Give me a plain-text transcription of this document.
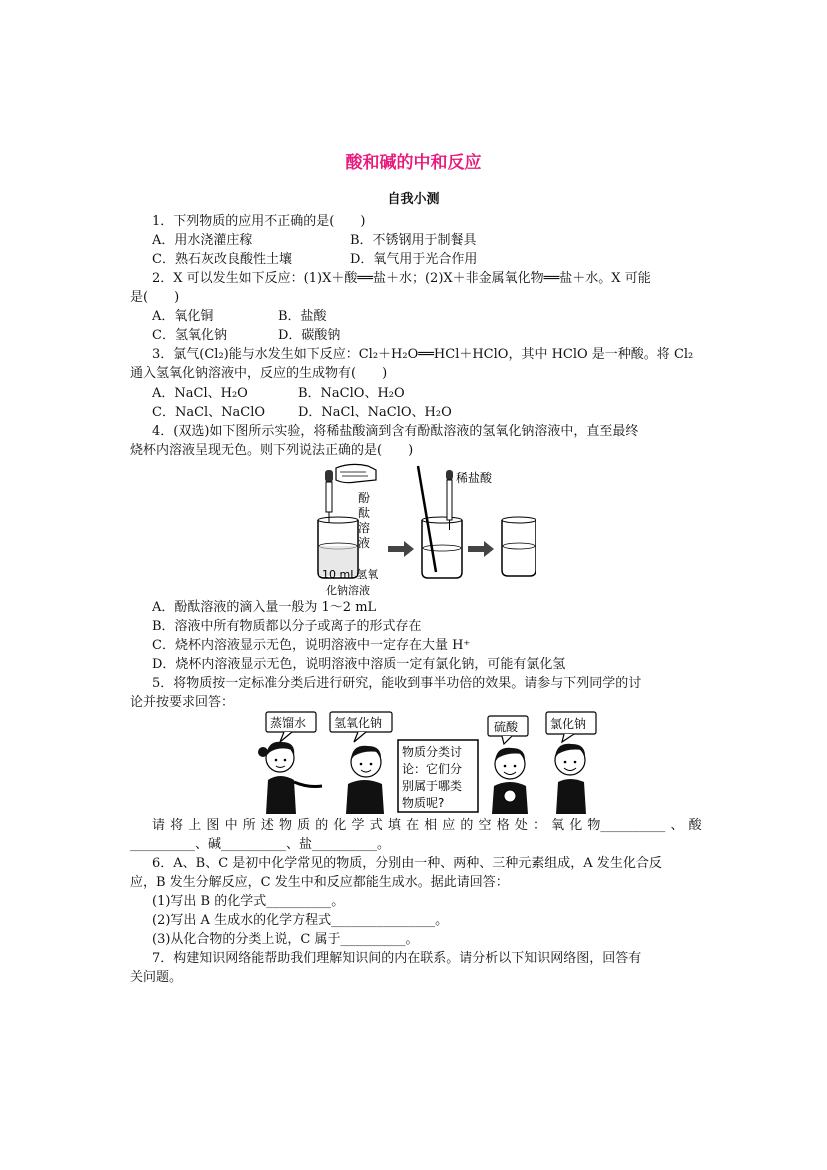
酸和碱的中和反应
自我小测
1．下列物质的应用不正确的是(　　)
A．用水浇灌庄稼	B．不锈钢用于制餐具
C．熟石灰改良酸性土壤	D．氧气用于光合作用
2．X 可以发生如下反应：(1)X＋酸══盐＋水；(2)X＋非金属氧化物══盐＋水。X 可能
是(　　)
A．氧化铜	B．盐酸
C．氢氧化钠	D．碳酸钠
3．氯气(Cl₂)能与水发生如下反应：Cl₂＋H₂O══HCl＋HClO，其中 HClO 是一种酸。将 Cl₂
通入氢氧化钠溶液中，反应的生成物有(　　)
A．NaCl、H₂O	B．NaClO、H₂O
C．NaCl、NaClO	D．NaCl、NaClO、H₂O
4．(双选)如下图所示实验，将稀盐酸滴到含有酚酞溶液的氢氧化钠溶液中，直至最终
烧杯内溶液呈现无色。则下列说法正确的是(　　)
酚
酞
溶
液
10 mL氢氧
化钠溶液
稀盐酸
A．酚酞溶液的滴入量一般为 1～2 mL
B．溶液中所有物质都以分子或离子的形式存在
C．烧杯内溶液显示无色，说明溶液中一定存在大量 H⁺
D．烧杯内溶液显示无色，说明溶液中溶质一定有氯化钠，可能有氯化氢
5．将物质按一定标准分类后进行研究，能收到事半功倍的效果。请参与下列同学的讨
论并按要求回答：
蒸馏水 氢氧化钠	硫酸	氯化钠
物质分类讨
论：它们分
别属于哪类
物质呢?
请 将 上 图 中 所 述 物 质 的 化 学 式 填 在 相 应 的 空 格 处 ： 氧 化 物__________ 、 酸
__________、碱__________、盐__________。
6．A、B、C 是初中化学常见的物质，分别由一种、两种、三种元素组成，A 发生化合反
应，B 发生分解反应，C 发生中和反应都能生成水。据此请回答：
(1)写出 B 的化学式__________。
(2)写出 A 生成水的化学方程式________________。
(3)从化合物的分类上说，C 属于__________。
7．构建知识网络能帮助我们理解知识间的内在联系。请分析以下知识网络图，回答有
关问题。
